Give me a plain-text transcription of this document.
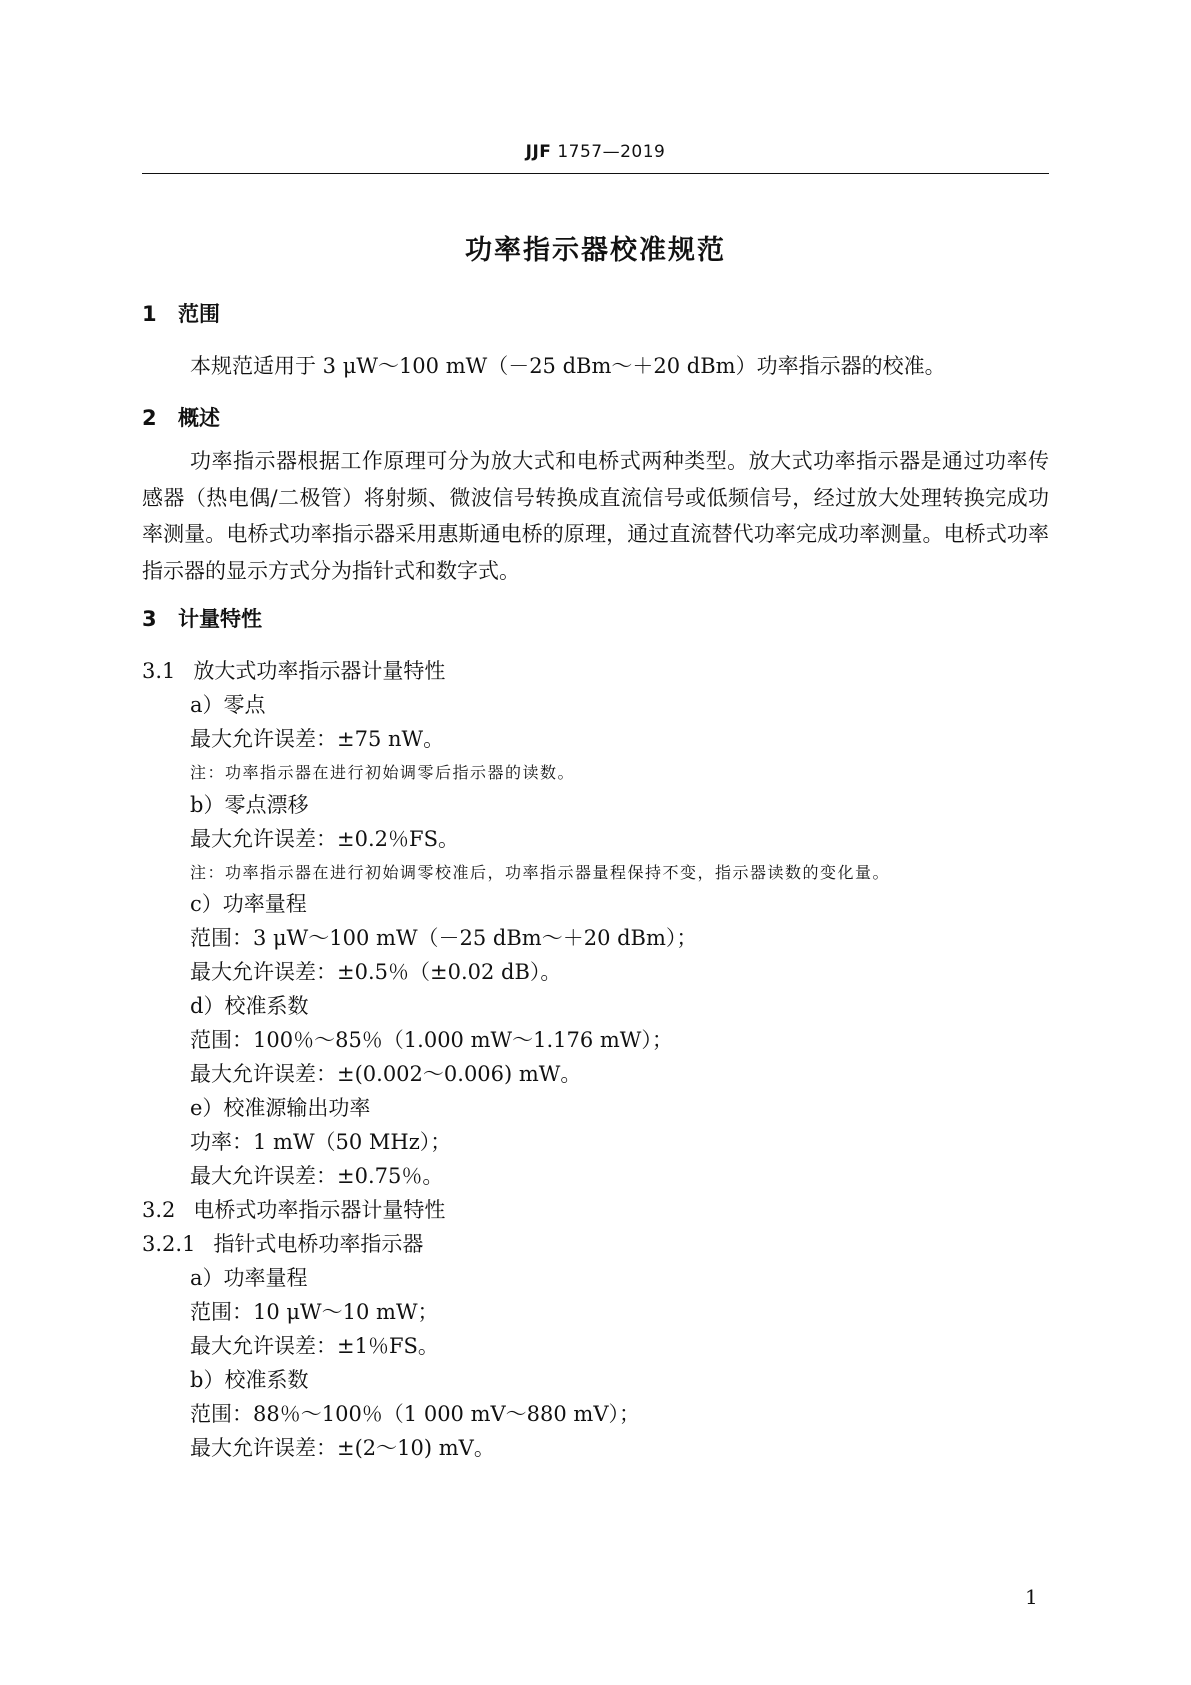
JJF 1757—2019
功率指示器校准规范
1 范围
本规范适用于 3 μW～100 mW（－25 dBm～＋20 dBm）功率指示器的校准。
2 概述
功率指示器根据工作原理可分为放大式和电桥式两种类型。放大式功率指示器是通过功率传感器（热电偶/二极管）将射频、微波信号转换成直流信号或低频信号，经过放大处理转换完成功率测量。电桥式功率指示器采用惠斯通电桥的原理，通过直流替代功率完成功率测量。电桥式功率指示器的显示方式分为指针式和数字式。
3 计量特性
3.1 放大式功率指示器计量特性
a）零点
最大允许误差：±75 nW。
注：功率指示器在进行初始调零后指示器的读数。
b）零点漂移
最大允许误差：±0.2％FS。
注：功率指示器在进行初始调零校准后，功率指示器量程保持不变，指示器读数的变化量。
c）功率量程
范围：3 μW～100 mW（－25 dBm～＋20 dBm）；
最大允许误差：±0.5％（±0.02 dB）。
d）校准系数
范围：100％～85％（1.000 mW～1.176 mW）；
最大允许误差：±(0.002～0.006) mW。
e）校准源输出功率
功率：1 mW（50 MHz）；
最大允许误差：±0.75％。
3.2 电桥式功率指示器计量特性
3.2.1 指针式电桥功率指示器
a）功率量程
范围：10 μW～10 mW；
最大允许误差：±1％FS。
b）校准系数
范围：88％～100％（1 000 mV～880 mV）；
最大允许误差：±(2～10) mV。
1
